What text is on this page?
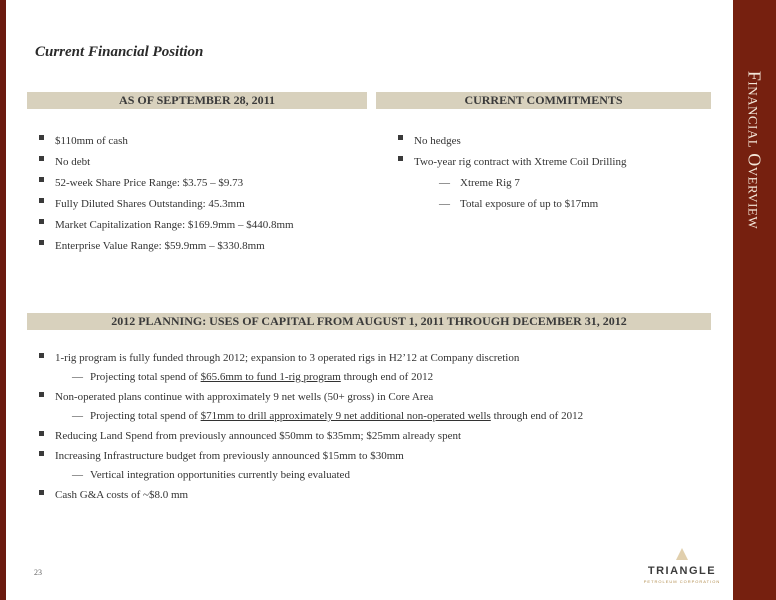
Financial Overview
Current Financial Position
AS OF SEPTEMBER 28, 2011	CURRENT COMMITMENTS
$110mm of cash
No debt
52-week Share Price Range: $3.75 – $9.73
Fully Diluted Shares Outstanding: 45.3mm
Market Capitalization Range: $169.9mm – $440.8mm
Enterprise Value Range: $59.9mm – $330.8mm
No hedges
Two-year rig contract with Xtreme Coil Drilling
— Xtreme Rig 7
— Total exposure of up to $17mm
2012 PLANNING: USES OF CAPITAL FROM AUGUST 1, 2011 THROUGH DECEMBER 31, 2012
1-rig program is fully funded through 2012; expansion to 3 operated rigs in H2’12 at Company discretion
— Projecting total spend of $65.6mm to fund 1-rig program through end of 2012
Non-operated plans continue with approximately 9 net wells (50+ gross) in Core Area
— Projecting total spend of $71mm to drill approximately 9 net additional non-operated wells through end of 2012
Reducing Land Spend from previously announced $50mm to $35mm; $25mm already spent
Increasing Infrastructure budget from previously announced $15mm to $30mm
— Vertical integration opportunities currently being evaluated
Cash G&A costs of ~$8.0 mm
23	TRIANGLE
PETROLEUM CORPORATION
